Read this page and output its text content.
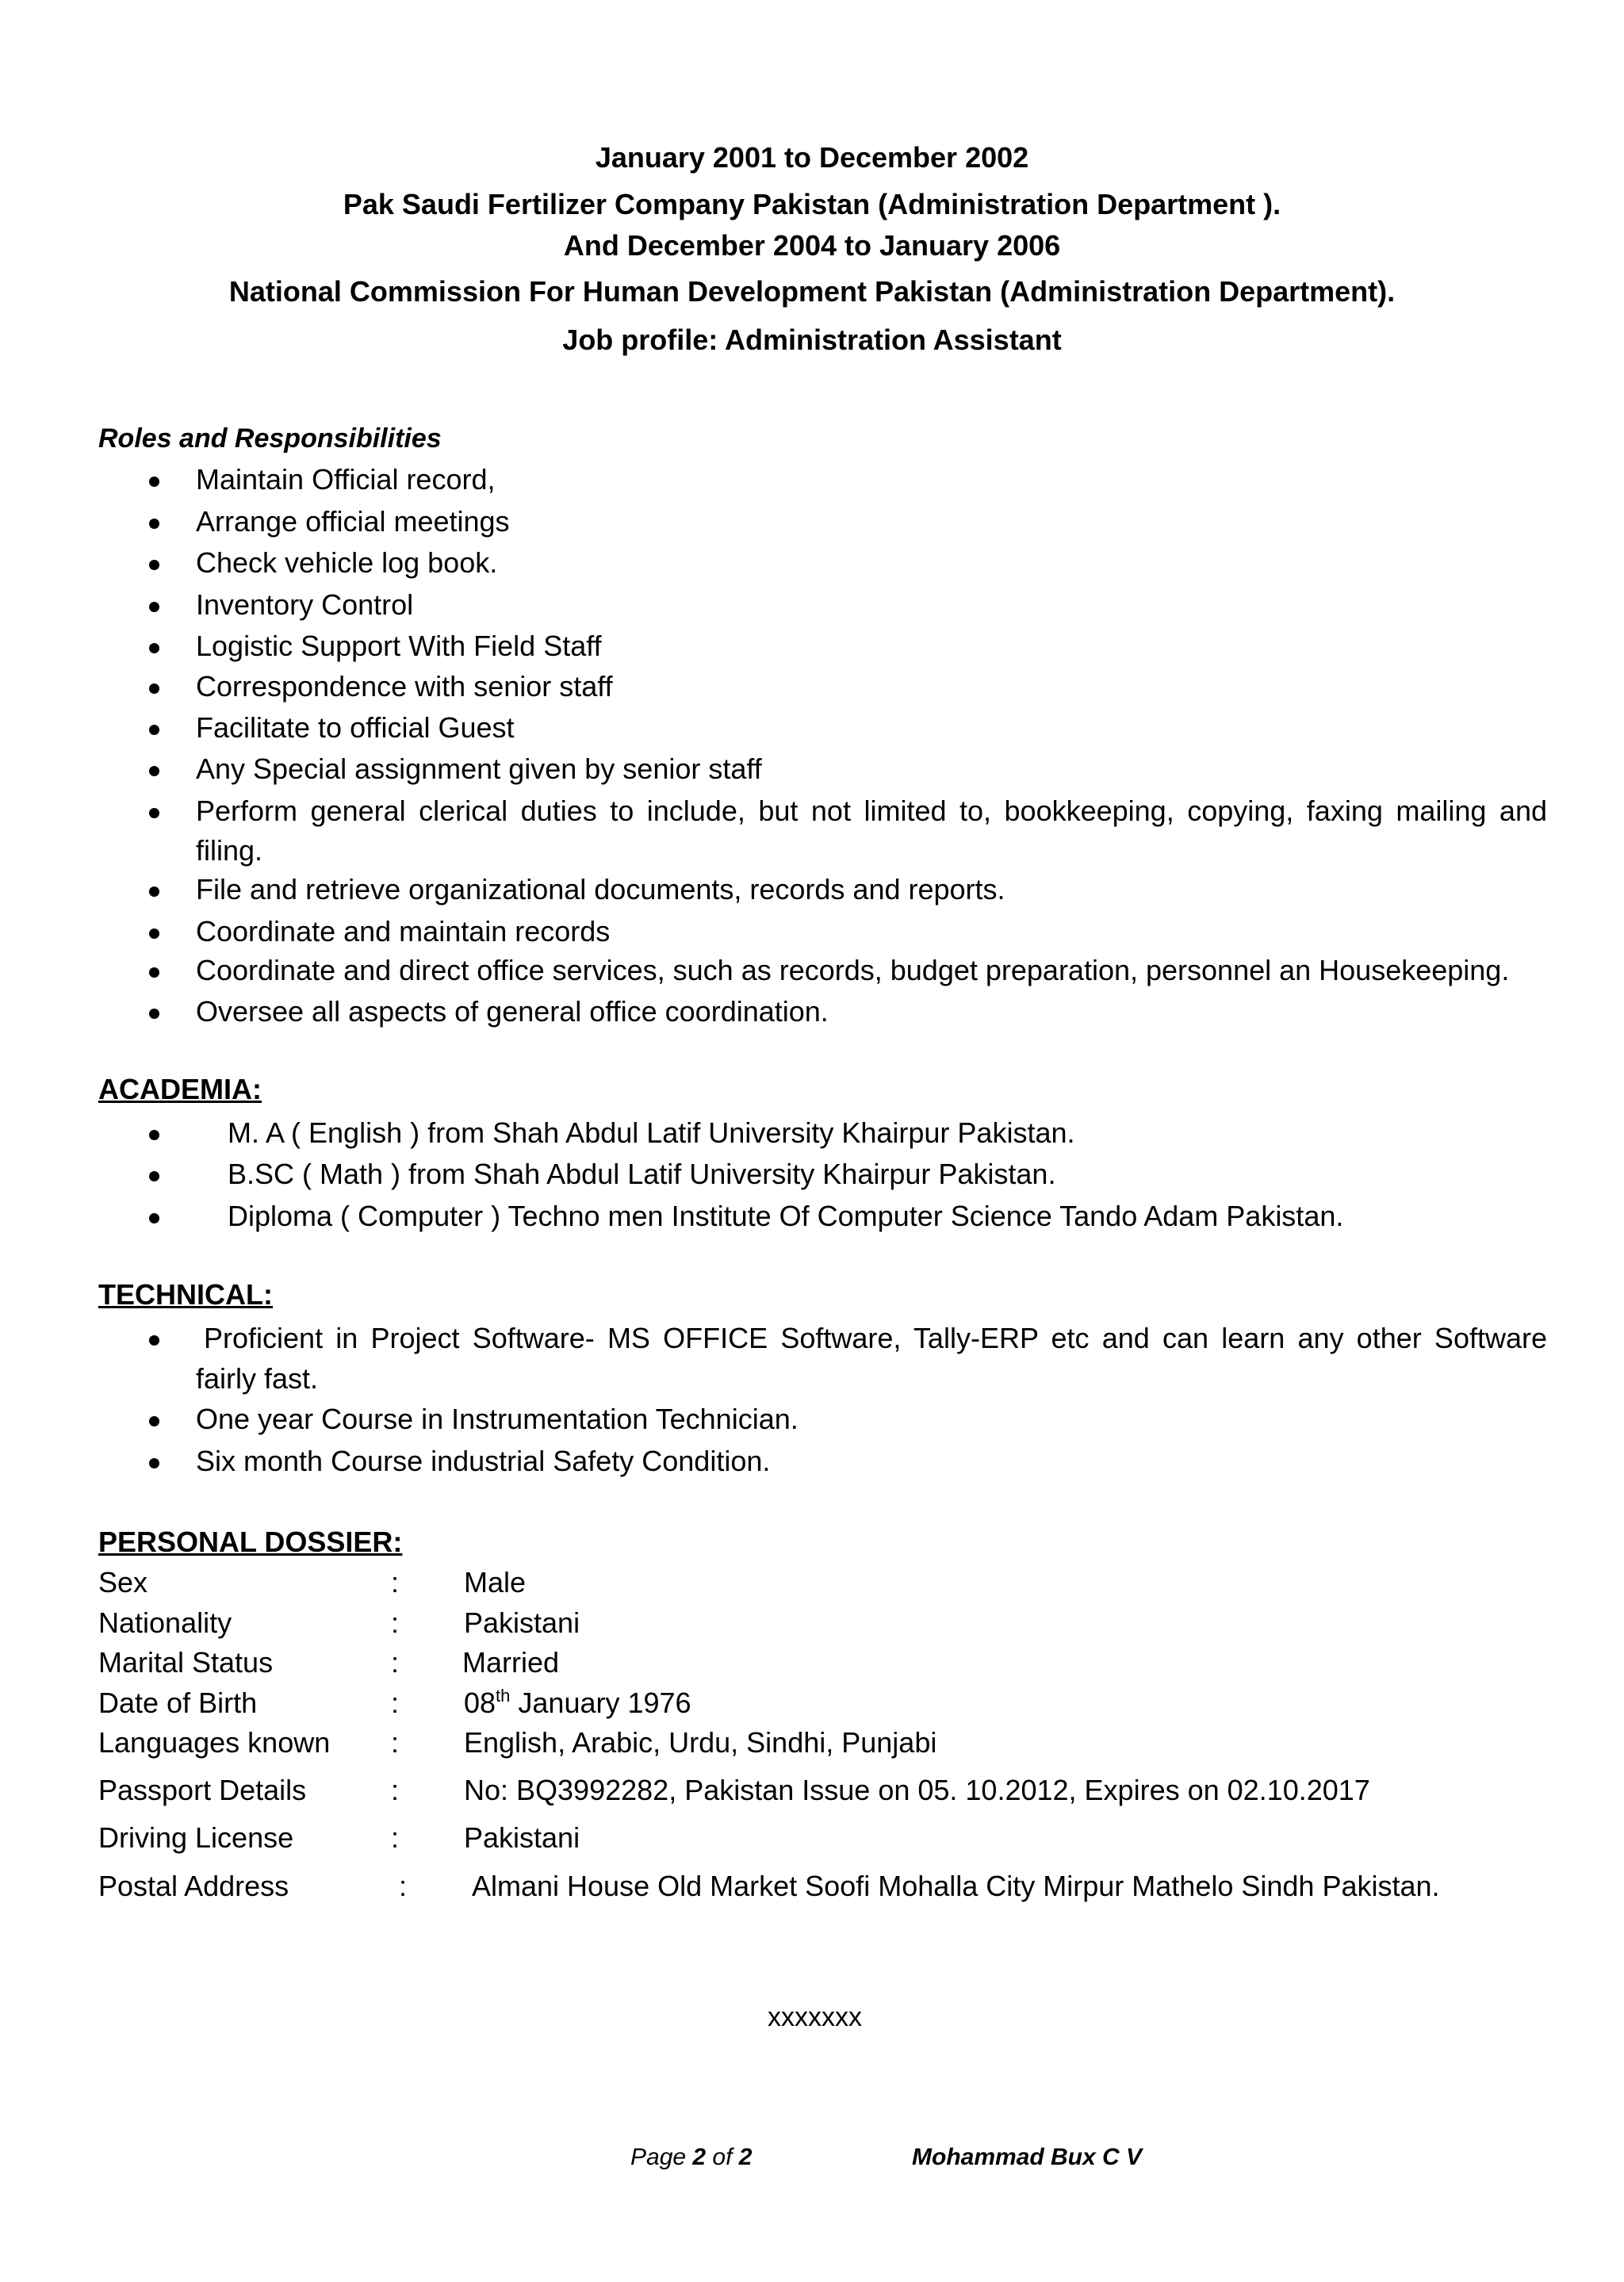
January 2001 to December 2002
Pak Saudi Fertilizer Company Pakistan (Administration Department ).
And December 2004 to January 2006
National Commission For Human Development Pakistan (Administration Department).
Job profile: Administration Assistant
Roles and Responsibilities
Maintain Official record,
Arrange official meetings
Check vehicle log book.
Inventory Control
Logistic Support With Field Staff
Correspondence with senior staff
Facilitate to official Guest
Any Special assignment given by senior staff
Perform general clerical duties to include, but not limited to, bookkeeping, copying, faxing mailing and
filing.
File and retrieve organizational documents, records and reports.
Coordinate and maintain records
Coordinate and direct office services, such as records, budget preparation, personnel an Housekeeping.
Oversee all aspects of general office coordination.
ACADEMIA:
M. A ( English ) from Shah Abdul Latif University Khairpur Pakistan.
B.SC ( Math ) from Shah Abdul Latif University Khairpur Pakistan.
Diploma ( Computer ) Techno men Institute Of Computer Science Tando Adam Pakistan.
TECHNICAL:
Proficient in Project Software- MS OFFICE Software, Tally-ERP etc and can learn any other Software
fairly fast.
One year Course in Instrumentation Technician.
Six month Course industrial Safety Condition.
PERSONAL DOSSIER:
Sex	: Male
Nationality	: Pakistani
Marital Status	: Married
Date of Birth	: 08th January 1976
Languages known : English, Arabic, Urdu, Sindhi, Punjabi
Passport Details	: No: BQ3992282, Pakistan Issue on 05. 10.2012, Expires on 02.10.2017
Driving License	: Pakistani
Postal Address	: Almani House Old Market Soofi Mohalla City Mirpur Mathelo Sindh Pakistan.
xxxxxxx
Page 2 of 2	Mohammad Bux C V
